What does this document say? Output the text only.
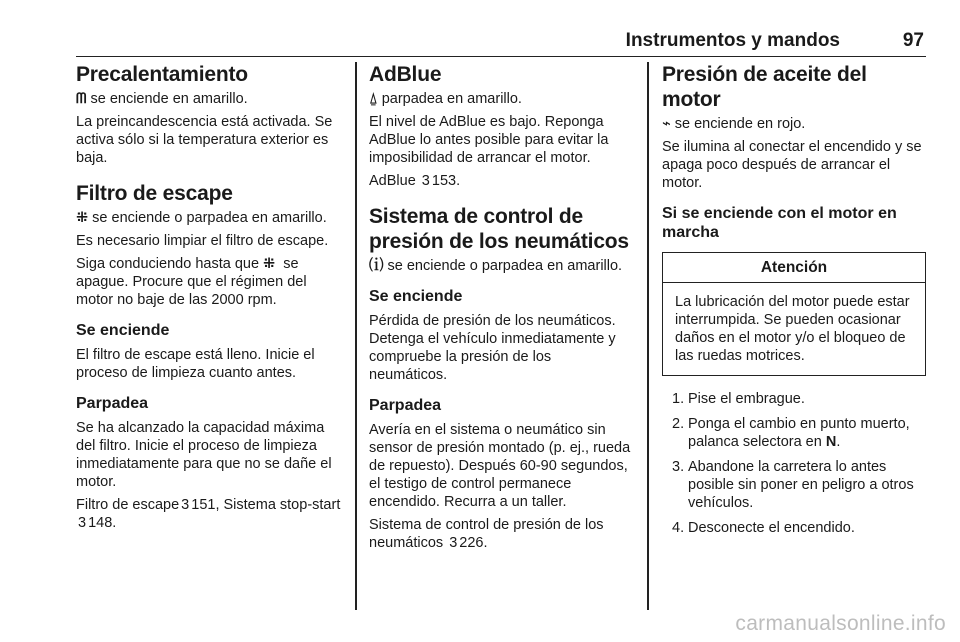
Instrumentos y mandos	97
Precalentamiento

ᗰ se enciende en amarillo.

La preincandescencia está activada. Se activa sólo si la temperatura exterior es baja.

Filtro de escape

⁜ se enciende o parpadea en amarillo.

Es necesario limpiar el filtro de escape.

Siga conduciendo hasta que ⁜ se apague. Procure que el régimen del motor no baje de las 2000 rpm.

Se enciende

El filtro de escape está lleno. Inicie el proceso de limpieza cuanto antes.

Parpadea

Se ha alcanzado la capacidad máxima del filtro. Inicie el proceso de limpieza inmediatamente para que no se dañe el motor.

Filtro de escape 3 151, Sistema stop-start 3 148.

AdBlue

⍙ parpadea en amarillo.

El nivel de AdBlue es bajo. Reponga AdBlue lo antes posible para evitar la imposibilidad de arrancar el motor.

AdBlue 3 153.

Sistema de control de presión de los neumáticos

⒤ se enciende o parpadea en amarillo.

Se enciende

Pérdida de presión de los neumáticos. Detenga el vehículo inmediatamente y compruebe la presión de los neumáticos.

Parpadea

Avería en el sistema o neumático sin sensor de presión montado (p. ej., rueda de repuesto). Después 60-90 segundos, el testigo de control permanece encendido. Recurra a un taller.

Sistema de control de presión de los neumáticos 3 226.

Presión de aceite del motor

⌁ se enciende en rojo.

Se ilumina al conectar el encendido y se apaga poco después de arrancar el motor.

Si se enciende con el motor en marcha
Atención
La lubricación del motor puede estar interrumpida. Se pueden ocasionar daños en el motor y/o el bloqueo de las ruedas motrices.
1. Pise el embrague.
2. Ponga el cambio en punto muerto, palanca selectora en N.
3. Abandone la carretera lo antes posible sin poner en peligro a otros vehículos.
4. Desconecte el encendido.
carmanualsonline.info
